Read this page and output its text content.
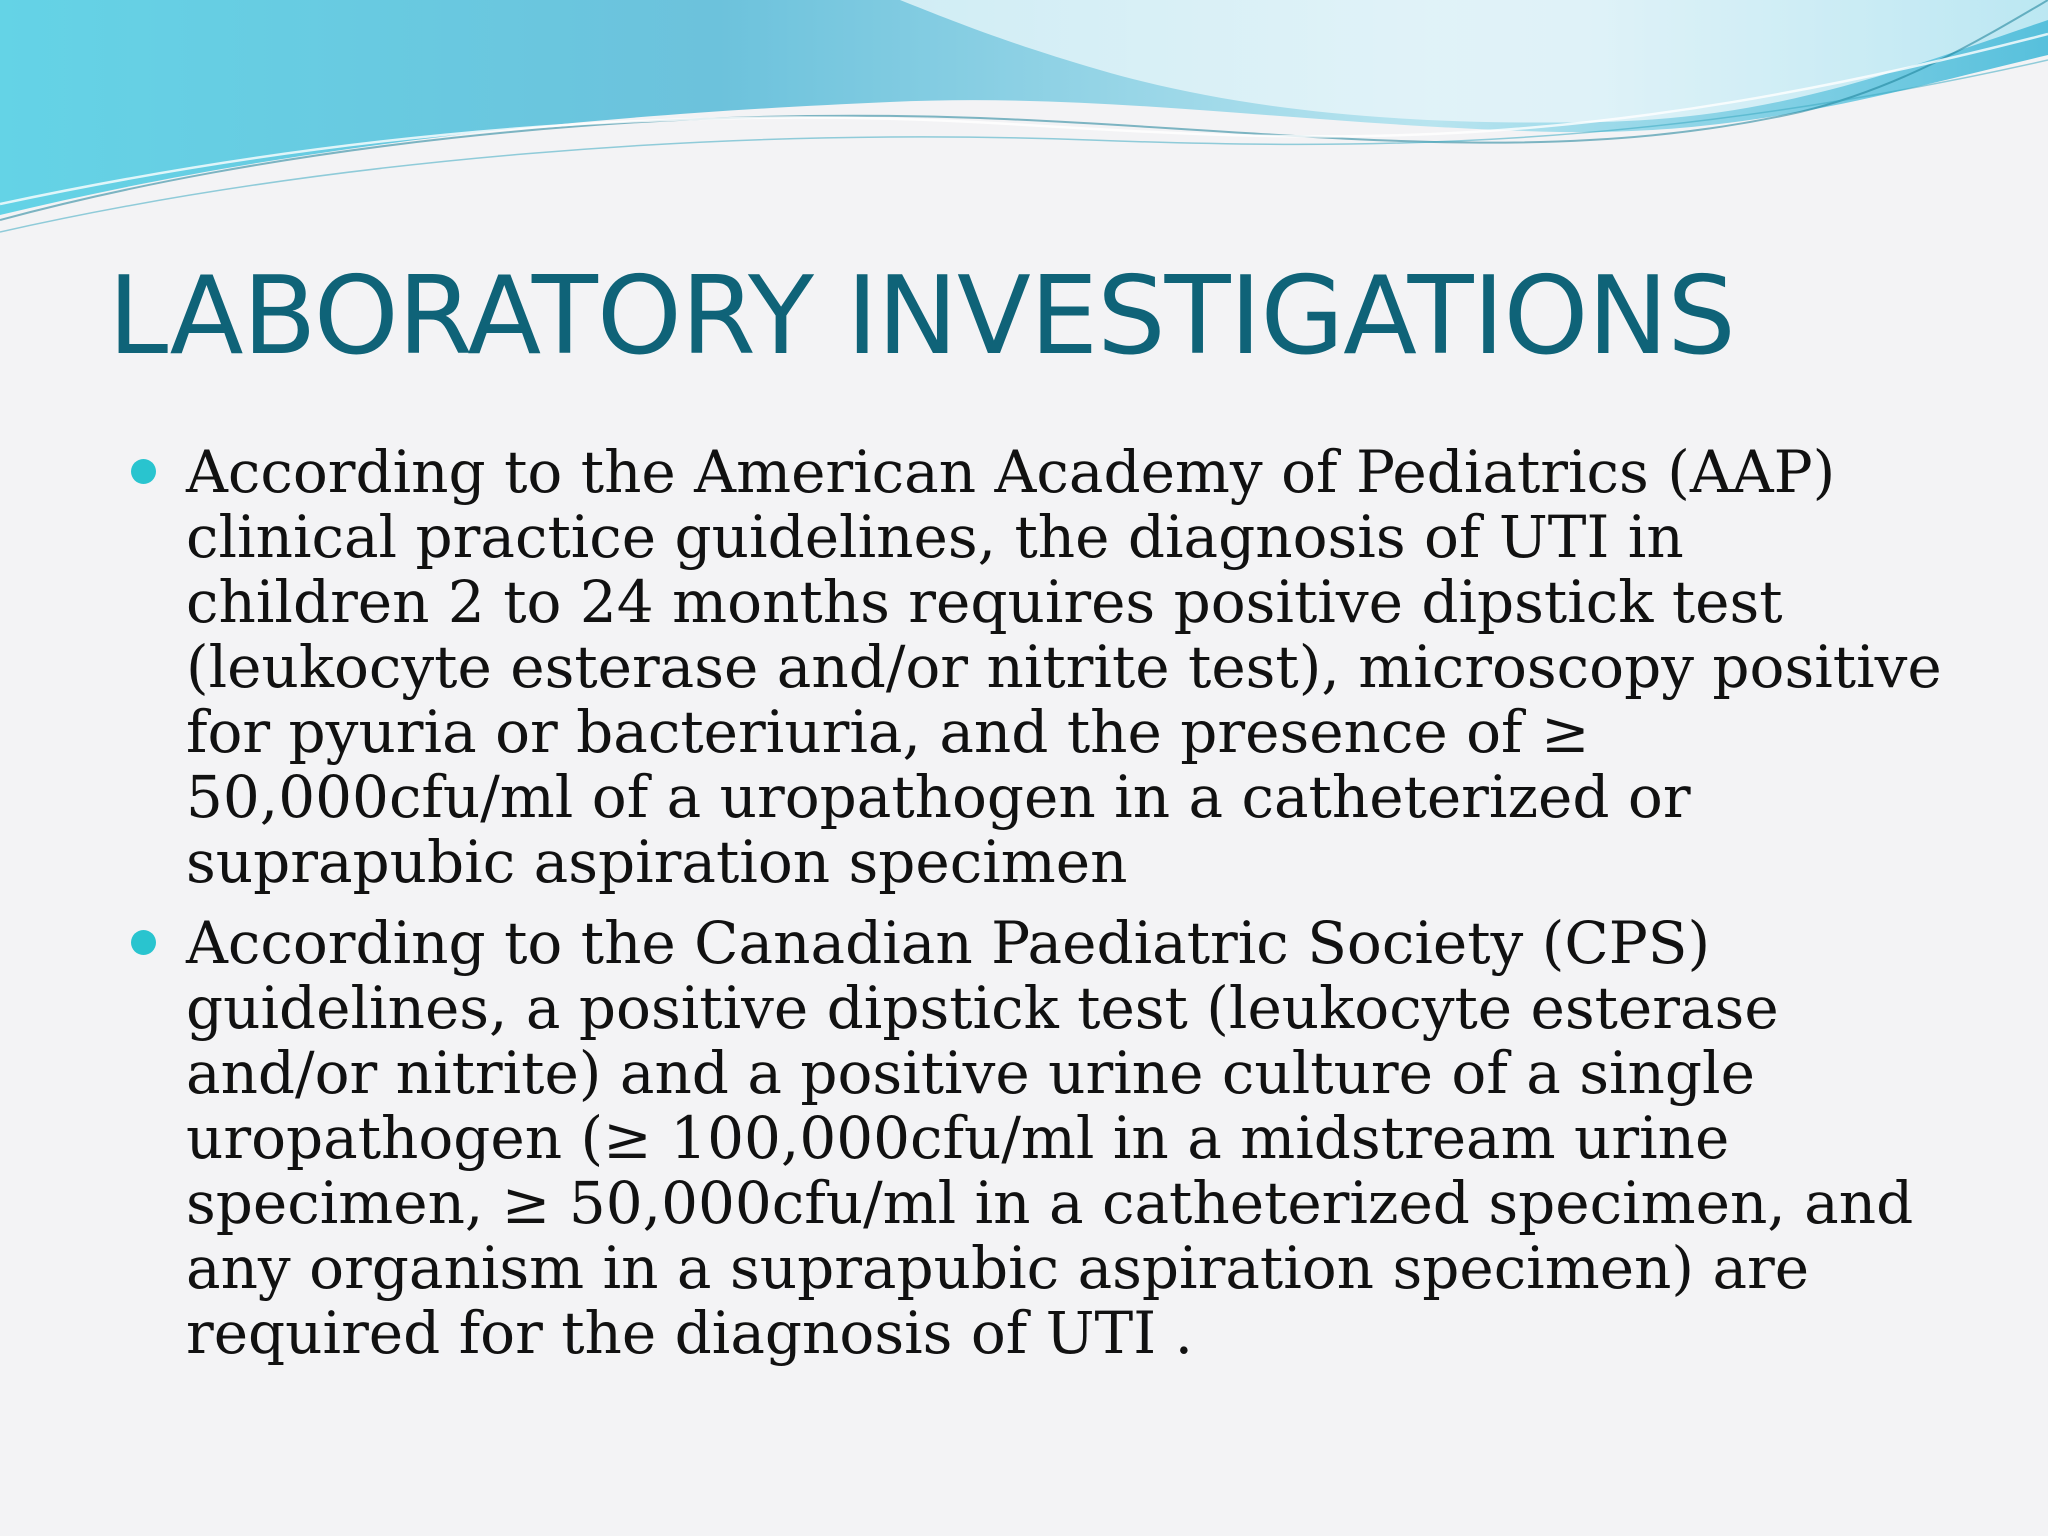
LABORATORY INVESTIGATIONS
According to the American Academy of Pediatrics (AAP)
clinical practice guidelines, the diagnosis of UTI in
children 2 to 24 months requires positive dipstick test
(leukocyte esterase and/or nitrite test), microscopy positive
for pyuria or bacteriuria, and the presence of ≥
50,000cfu/ml of a uropathogen in a catheterized or
suprapubic aspiration specimen
According to the Canadian Paediatric Society (CPS)
guidelines, a positive dipstick test (leukocyte esterase
and/or nitrite) and a positive urine culture of a single
uropathogen (≥ 100,000cfu/ml in a midstream urine
specimen, ≥ 50,000cfu/ml in a catheterized specimen, and
any organism in a suprapubic aspiration specimen) are
required for the diagnosis of UTI .
